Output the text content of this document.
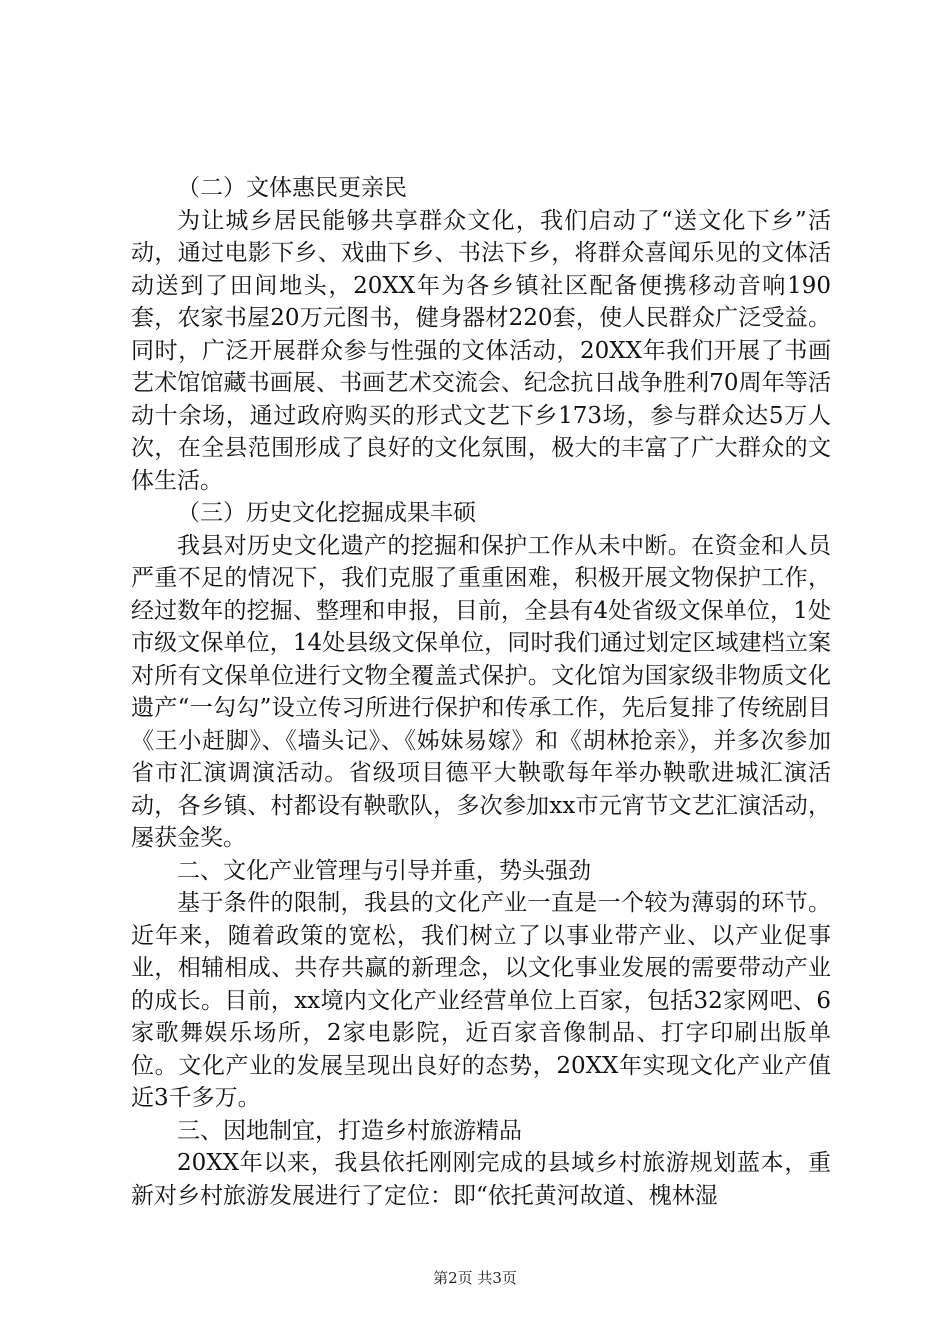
（二）文体惠民更亲民

为让城乡居民能够共享群众文化，我们启动了“送文化下乡”活动，通过电影下乡、戏曲下乡、书法下乡，将群众喜闻乐见的文体活动送到了田间地头，20XX年为各乡镇社区配备便携移动音响190套，农家书屋20万元图书，健身器材220套，使人民群众广泛受益。同时，广泛开展群众参与性强的文体活动，20XX年我们开展了书画艺术馆馆藏书画展、书画艺术交流会、纪念抗日战争胜利70周年等活动十余场，通过政府购买的形式文艺下乡173场，参与群众达5万人次，在全县范围形成了良好的文化氛围，极大的丰富了广大群众的文体生活。

（三）历史文化挖掘成果丰硕

我县对历史文化遗产的挖掘和保护工作从未中断。在资金和人员严重不足的情况下，我们克服了重重困难，积极开展文物保护工作，经过数年的挖掘、整理和申报，目前，全县有4处省级文保单位，1处市级文保单位，14处县级文保单位，同时我们通过划定区域建档立案对所有文保单位进行文物全覆盖式保护。文化馆为国家级非物质文化遗产“一勾勾”设立传习所进行保护和传承工作，先后复排了传统剧目《王小赶脚》、《墙头记》、《姊妹易嫁》和《胡林抢亲》，并多次参加省市汇演调演活动。省级项目德平大鞅歌每年举办鞅歌进城汇演活动，各乡镇、村都设有鞅歌队，多次参加xx市元宵节文艺汇演活动，屡获金奖。

二、文化产业管理与引导并重，势头强劲

基于条件的限制，我县的文化产业一直是一个较为薄弱的环节。近年来，随着政策的宽松，我们树立了以事业带产业、以产业促事业，相辅相成、共存共赢的新理念，以文化事业发展的需要带动产业的成长。目前，xx境内文化产业经营单位上百家，包括32家网吧、6家歌舞娱乐场所，2家电影院，近百家音像制品、打字印刷出版单位。文化产业的发展呈现出良好的态势，20XX年实现文化产业产值近3千多万。

三、因地制宜，打造乡村旅游精品

20XX年以来，我县依托刚刚完成的县域乡村旅游规划蓝本，重新对乡村旅游发展进行了定位：即“依托黄河故道、槐林湿

第2页 共3页
